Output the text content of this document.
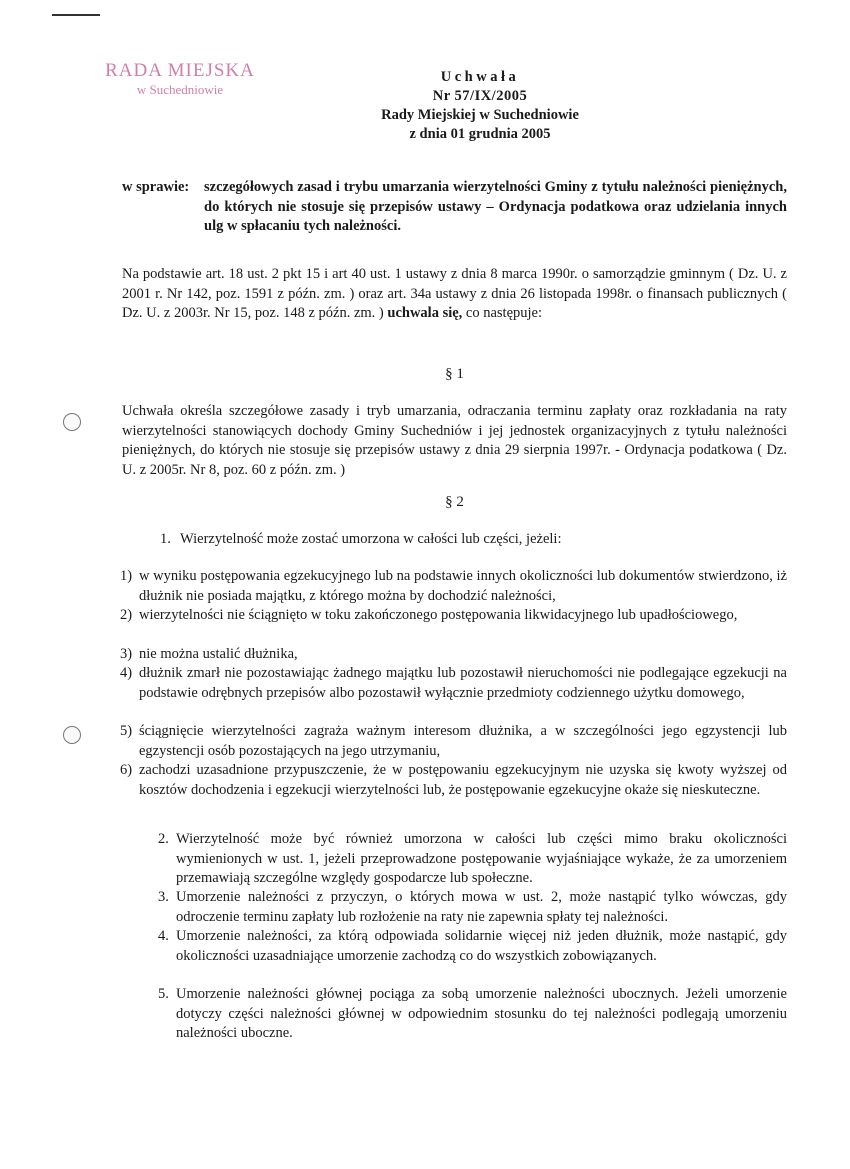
RADA MIEJSKA
w Suchedniowie
Uchwała
Nr 57/IX/2005
Rady Miejskiej w Suchedniowie
z dnia 01 grudnia 2005
w sprawie: szczegółowych zasad i trybu umarzania wierzytelności Gminy z tytułu należności pieniężnych, do których nie stosuje się przepisów ustawy – Ordynacja podatkowa oraz udzielania innych ulg w spłacaniu tych należności.
Na podstawie art. 18 ust. 2 pkt 15 i art 40 ust. 1 ustawy z dnia 8 marca 1990r. o samorządzie gminnym ( Dz. U. z 2001 r. Nr 142, poz. 1591 z późn. zm. ) oraz art. 34a ustawy z dnia 26 listopada 1998r. o finansach publicznych ( Dz. U. z 2003r. Nr 15, poz. 148 z późn. zm. ) uchwala się, co następuje:
§ 1
Uchwała określa szczegółowe zasady i tryb umarzania, odraczania terminu zapłaty oraz rozkładania na raty wierzytelności stanowiących dochody Gminy Suchedniów i jej jednostek organizacyjnych z tytułu należności pieniężnych, do których nie stosuje się przepisów ustawy z dnia 29 sierpnia 1997r. - Ordynacja podatkowa ( Dz. U. z 2005r. Nr 8, poz. 60 z późn. zm. )
§ 2
1. Wierzytelność może zostać umorzona w całości lub części, jeżeli:
1) w wyniku postępowania egzekucyjnego lub na podstawie innych okoliczności lub dokumentów stwierdzono, iż dłużnik nie posiada majątku, z którego można by dochodzić należności,
2) wierzytelności nie ściągnięto w toku zakończonego postępowania likwidacyjnego lub upadłościowego,
3) nie można ustalić dłużnika,
4) dłużnik zmarł nie pozostawiając żadnego majątku lub pozostawił nieruchomości nie podlegające egzekucji na podstawie odrębnych przepisów albo pozostawił wyłącznie przedmioty codziennego użytku domowego,
5) ściągnięcie wierzytelności zagraża ważnym interesom dłużnika, a w szczególności jego egzystencji lub egzystencji osób pozostających na jego utrzymaniu,
6) zachodzi uzasadnione przypuszczenie, że w postępowaniu egzekucyjnym nie uzyska się kwoty wyższej od kosztów dochodzenia i egzekucji wierzytelności lub, że postępowanie egzekucyjne okaże się nieskuteczne.
2. Wierzytelność może być również umorzona w całości lub części mimo braku okoliczności wymienionych w ust. 1, jeżeli przeprowadzone postępowanie wyjaśniające wykaże, że za umorzeniem przemawiają szczególne względy gospodarcze lub społeczne.
3. Umorzenie należności z przyczyn, o których mowa w ust. 2, może nastąpić tylko wówczas, gdy odroczenie terminu zapłaty lub rozłożenie na raty nie zapewnia spłaty tej należności.
4. Umorzenie należności, za którą odpowiada solidarnie więcej niż jeden dłużnik, może nastąpić, gdy okoliczności uzasadniające umorzenie zachodzą co do wszystkich zobowiązanych.
5. Umorzenie należności głównej pociąga za sobą umorzenie należności ubocznych. Jeżeli umorzenie dotyczy części należności głównej w odpowiednim stosunku do tej należności podlegają umorzeniu należności uboczne.
